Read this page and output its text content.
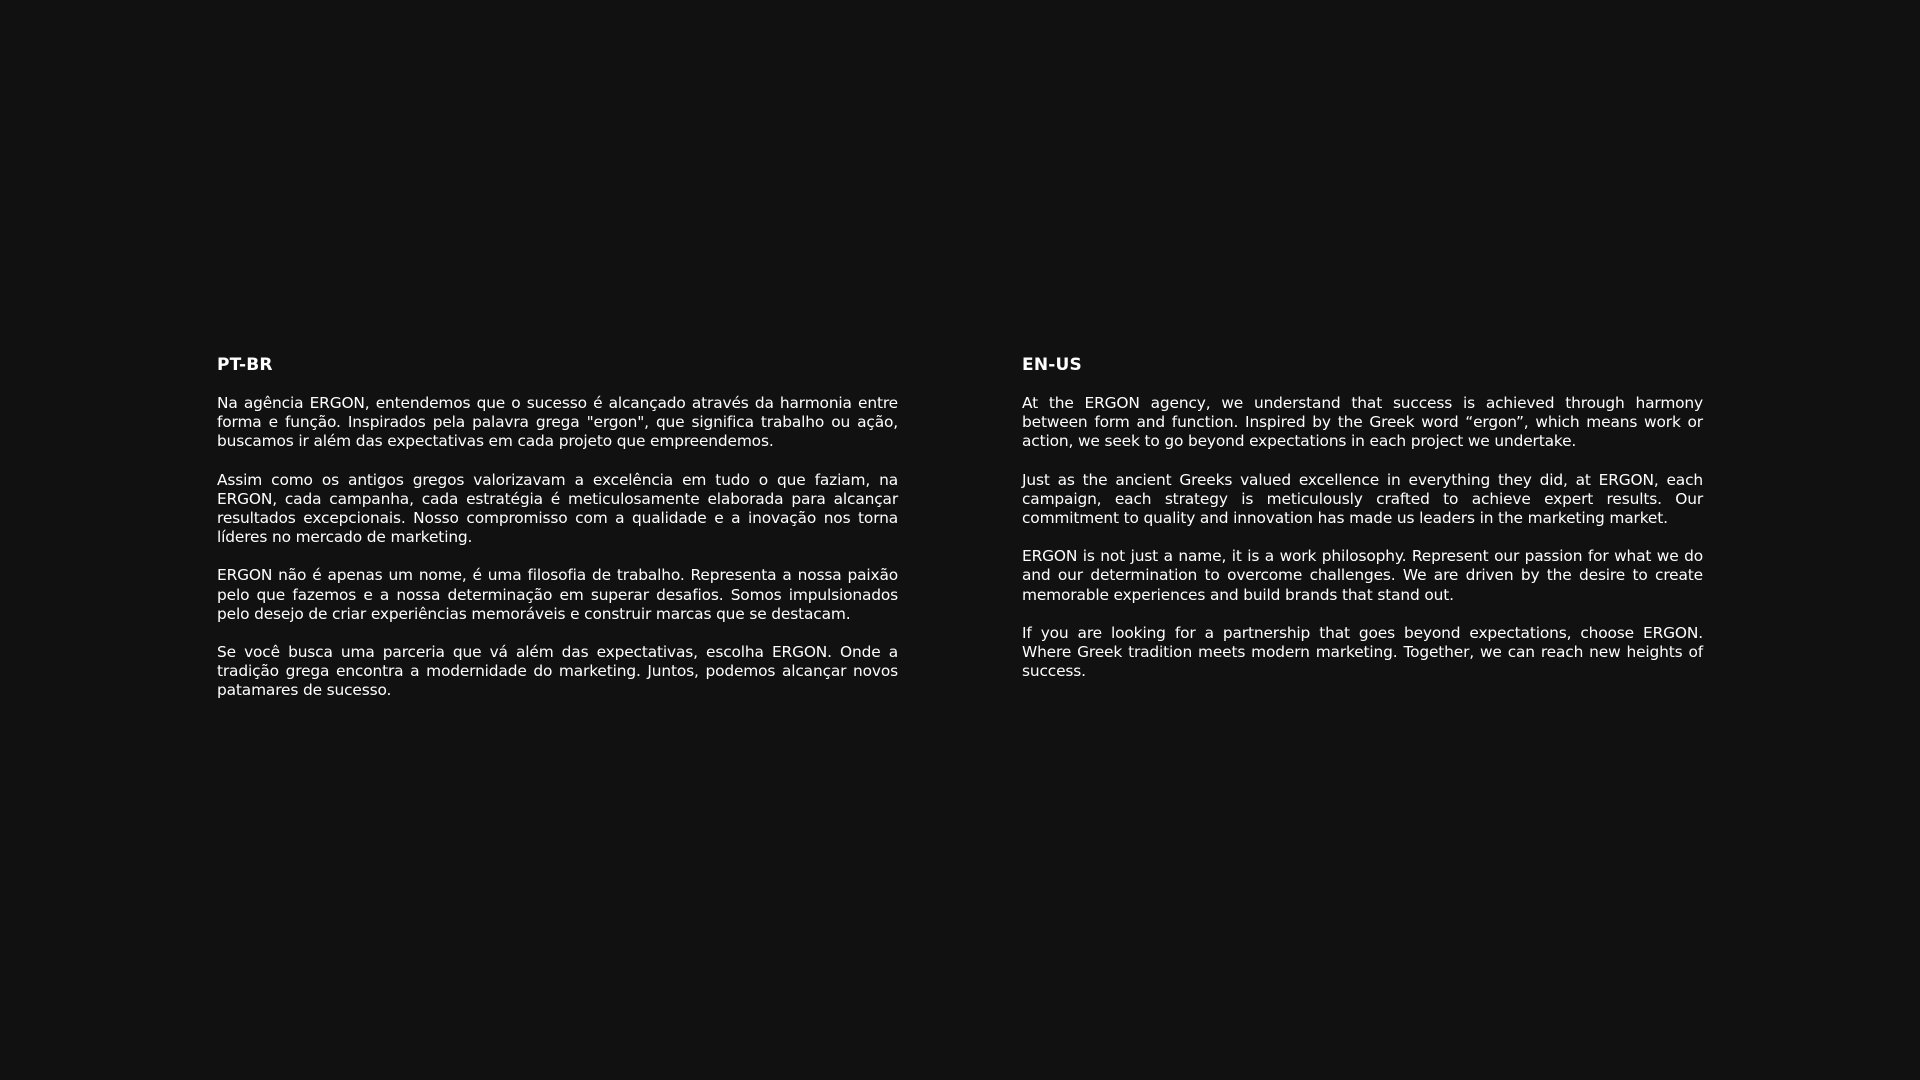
PT-BR

Na agência ERGON, entendemos que o sucesso é alcançado através da harmonia entre forma e função. Inspirados pela palavra grega "ergon", que significa trabalho ou ação, buscamos ir além das expectativas em cada projeto que empreendemos.

Assim como os antigos gregos valorizavam a excelência em tudo o que faziam, na ERGON, cada campanha, cada estratégia é meticulosamente elaborada para alcançar resultados excepcionais. Nosso compromisso com a qualidade e a inovação nos torna líderes no mercado de marketing.

ERGON não é apenas um nome, é uma filosofia de trabalho. Representa a nossa paixão pelo que fazemos e a nossa determinação em superar desafios. Somos impulsionados pelo desejo de criar experiências memoráveis e construir marcas que se destacam.

Se você busca uma parceria que vá além das expectativas, escolha ERGON. Onde a tradição grega encontra a modernidade do marketing. Juntos, podemos alcançar novos patamares de sucesso.

EN-US

At the ERGON agency, we understand that success is achieved through harmony between form and function. Inspired by the Greek word “ergon”, which means work or action, we seek to go beyond expectations in each project we undertake.

Just as the ancient Greeks valued excellence in everything they did, at ERGON, each campaign, each strategy is meticulously crafted to achieve expert results. Our commitment to quality and innovation has made us leaders in the marketing market.

ERGON is not just a name, it is a work philosophy. Represent our passion for what we do and our determination to overcome challenges. We are driven by the desire to create memorable experiences and build brands that stand out.

If you are looking for a partnership that goes beyond expectations, choose ERGON. Where Greek tradition meets modern marketing. Together, we can reach new heights of success.
